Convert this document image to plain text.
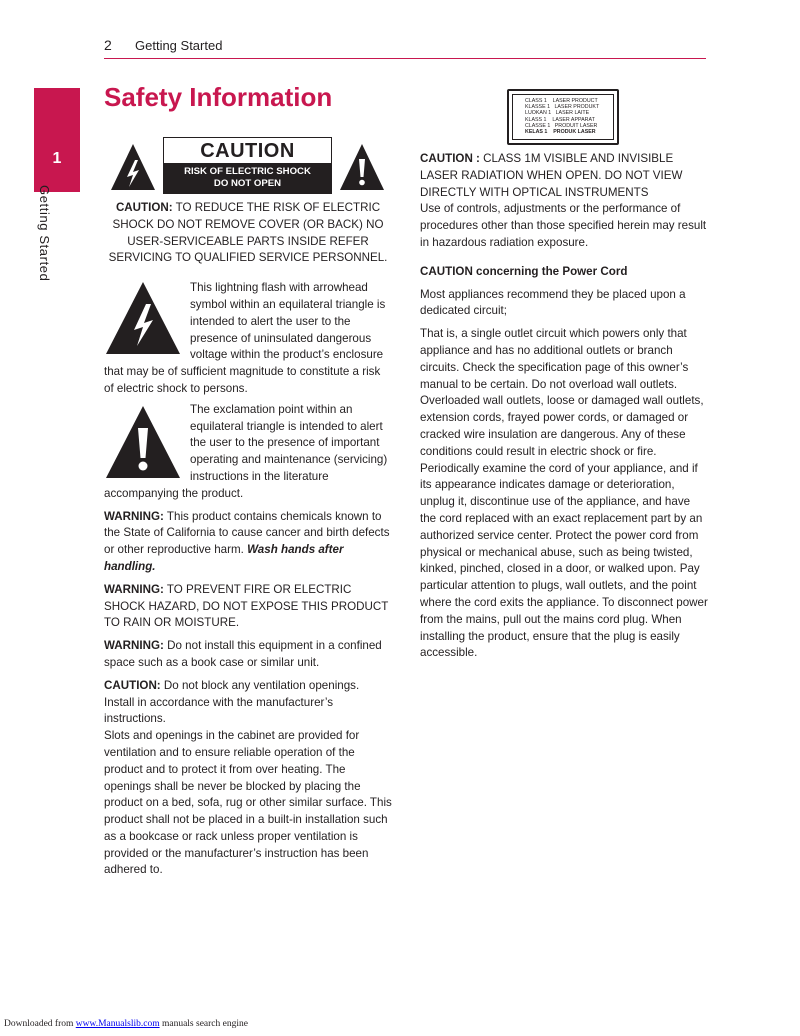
2 Getting Started
1
Getting Started
Safety Information
CAUTION
RISK OF ELECTRIC SHOCK
DO NOT OPEN

CAUTION: TO REDUCE THE RISK OF ELECTRIC SHOCK DO NOT REMOVE COVER (OR BACK) NO USER-SERVICEABLE PARTS INSIDE REFER SERVICING TO QUALIFIED SERVICE PERSONNEL.

This lightning flash with arrowhead symbol within an equilateral triangle is intended to alert the user to the presence of uninsulated dangerous voltage within the product’s enclosure that may be of sufficient magnitude to constitute a risk of electric shock to persons.

The exclamation point within an equilateral triangle is intended to alert the user to the presence of important operating and maintenance (servicing) instructions in the literature accompanying the product.

WARNING: This product contains chemicals known to the State of California to cause cancer and birth defects or other reproductive harm. Wash hands after handling.

WARNING: TO PREVENT FIRE OR ELECTRIC SHOCK HAZARD, DO NOT EXPOSE THIS PRODUCT TO RAIN OR MOISTURE.

WARNING: Do not install this equipment in a confined space such as a book case or similar unit.

CAUTION: Do not block any ventilation openings. Install in accordance with the manufacturer’s instructions.

Slots and openings in the cabinet are provided for ventilation and to ensure reliable operation of the product and to protect it from over heating. The openings shall be never be blocked by placing the product on a bed, sofa, rug or other similar surface. This product shall not be placed in a built-in installation such as a bookcase or rack unless proper ventilation is provided or the manufacturer’s instruction has been adhered to.

CLASS 1    LASER PRODUCT
KLASSE 1   LASER PRODUKT
LUOKAN 1   LASER LAITE
KLASS 1    LASER APPARAT
CLASSE 1   PRODUIT LASER
KELAS 1    PRODUK LASER

CAUTION : CLASS 1M VISIBLE AND INVISIBLE LASER RADIATION WHEN OPEN. DO NOT VIEW DIRECTLY WITH OPTICAL INSTRUMENTS

Use of controls, adjustments or the performance of procedures other than those specified herein may result in hazardous radiation exposure.

CAUTION concerning the Power Cord

Most appliances recommend they be placed upon a dedicated circuit;

That is, a single outlet circuit which powers only that appliance and has no additional outlets or branch circuits. Check the specification page of this owner’s manual to be certain. Do not overload wall outlets. Overloaded wall outlets, loose or damaged wall outlets, extension cords, frayed power cords, or damaged or cracked wire insulation are dangerous. Any of these conditions could result in electric shock or fire. Periodically examine the cord of your appliance, and if its appearance indicates damage or deterioration, unplug it, discontinue use of the appliance, and have the cord replaced with an exact replacement part by an authorized service center. Protect the power cord from physical or mechanical abuse, such as being twisted, kinked, pinched, closed in a door, or walked upon. Pay particular attention to plugs, wall outlets, and the point where the cord exits the appliance. To disconnect power from the mains, pull out the mains cord plug. When installing the product, ensure that the plug is easily accessible.

Downloaded from www.Manualslib.com manuals search engine
